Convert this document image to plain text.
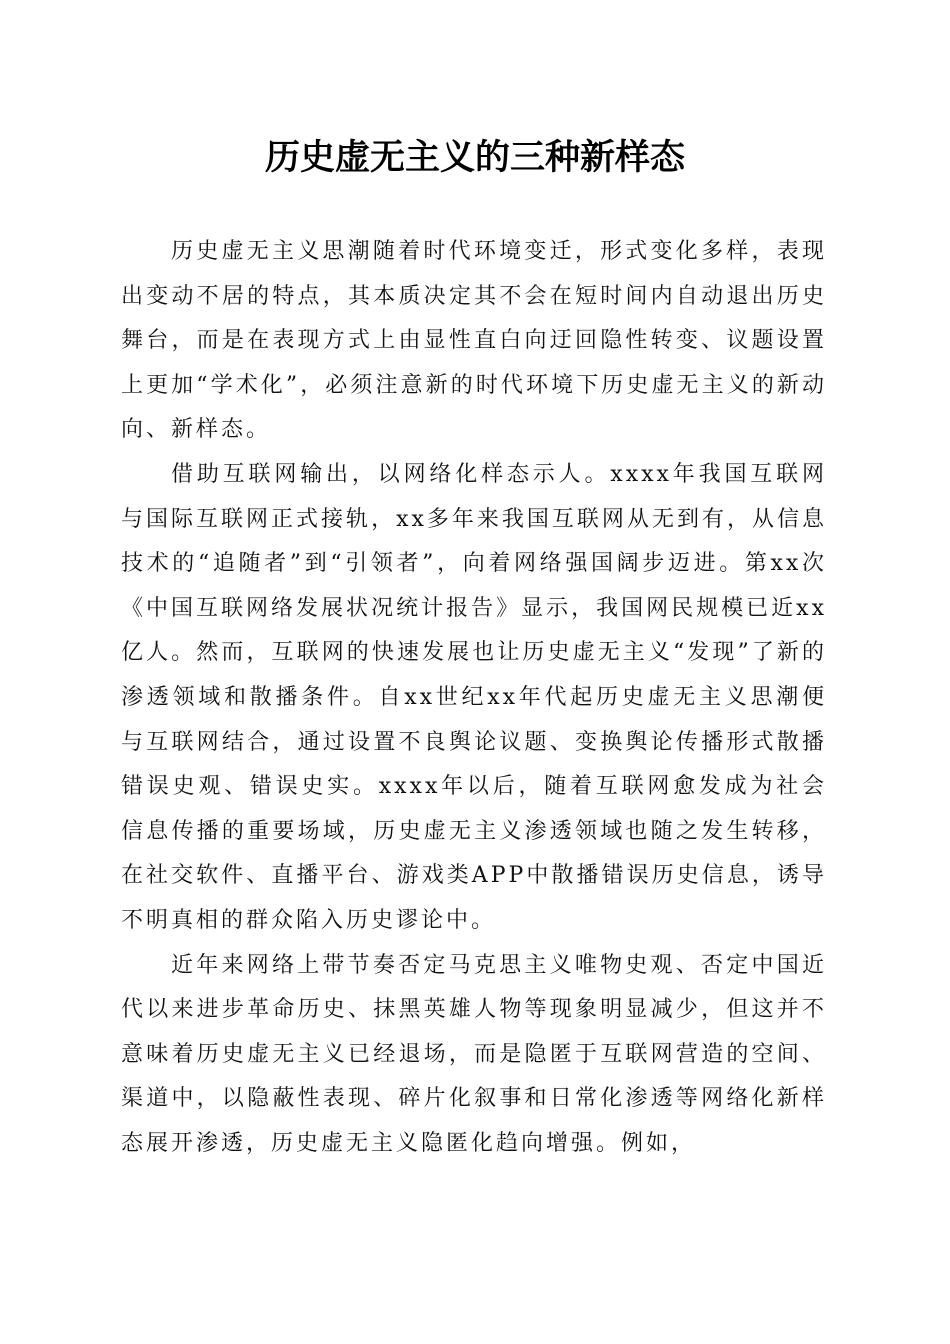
历史虚无主义的三种新样态

历史虚无主义思潮随着时代环境变迁，形式变化多样，表现出变动不居的特点，其本质决定其不会在短时间内自动退出历史舞台，而是在表现方式上由显性直白向迂回隐性转变、议题设置上更加“学术化”，必须注意新的时代环境下历史虚无主义的新动向、新样态。

借助互联网输出，以网络化样态示人。xxxx年我国互联网与国际互联网正式接轨，xx多年来我国互联网从无到有，从信息技术的“追随者”到“引领者”，向着网络强国阔步迈进。第xx次《中国互联网络发展状况统计报告》显示，我国网民规模已近xx亿人。然而，互联网的快速发展也让历史虚无主义“发现”了新的渗透领域和散播条件。自xx世纪xx年代起历史虚无主义思潮便与互联网结合，通过设置不良舆论议题、变换舆论传播形式散播错误史观、错误史实。xxxx年以后，随着互联网愈发成为社会信息传播的重要场域，历史虚无主义渗透领域也随之发生转移，在社交软件、直播平台、游戏类APP中散播错误历史信息，诱导不明真相的群众陷入历史谬论中。

近年来网络上带节奏否定马克思主义唯物史观、否定中国近代以来进步革命历史、抹黑英雄人物等现象明显减少，但这并不意味着历史虚无主义已经退场，而是隐匿于互联网营造的空间、渠道中，以隐蔽性表现、碎片化叙事和日常化渗透等网络化新样态展开渗透，历史虚无主义隐匿化趋向增强。例如，
